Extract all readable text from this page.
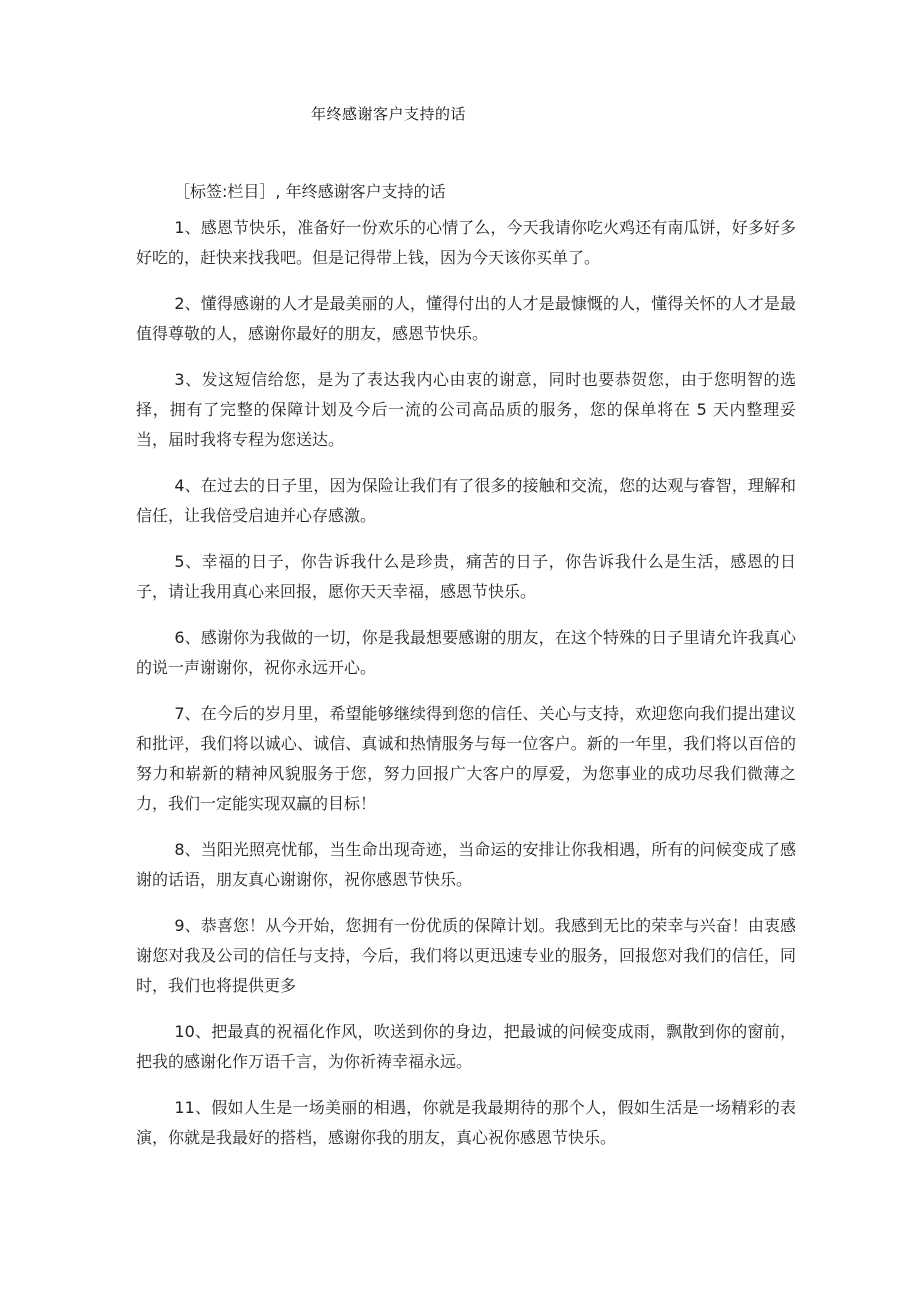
年终感谢客户支持的话
［标签:栏目］, 年终感谢客户支持的话

1、感恩节快乐，准备好一份欢乐的心情了么，今天我请你吃火鸡还有南瓜饼，好多好多好吃的，赶快来找我吧。但是记得带上钱，因为今天该你买单了。

2、懂得感谢的人才是最美丽的人，懂得付出的人才是最慷慨的人，懂得关怀的人才是最值得尊敬的人，感谢你最好的朋友，感恩节快乐。

3、发这短信给您，是为了表达我内心由衷的谢意，同时也要恭贺您，由于您明智的选择，拥有了完整的保障计划及今后一流的公司高品质的服务，您的保单将在 5 天内整理妥当，届时我将专程为您送达。

4、在过去的日子里，因为保险让我们有了很多的接触和交流，您的达观与睿智，理解和信任，让我倍受启迪并心存感激。

5、幸福的日子，你告诉我什么是珍贵，痛苦的日子，你告诉我什么是生活，感恩的日子，请让我用真心来回报，愿你天天幸福，感恩节快乐。

6、感谢你为我做的一切，你是我最想要感谢的朋友，在这个特殊的日子里请允许我真心的说一声谢谢你，祝你永远开心。

7、在今后的岁月里，希望能够继续得到您的信任、关心与支持，欢迎您向我们提出建议和批评，我们将以诚心、诚信、真诚和热情服务与每一位客户。新的一年里，我们将以百倍的努力和崭新的精神风貌服务于您，努力回报广大客户的厚爱，为您事业的成功尽我们微薄之力，我们一定能实现双赢的目标！

8、当阳光照亮忧郁，当生命出现奇迹，当命运的安排让你我相遇，所有的问候变成了感谢的话语，朋友真心谢谢你，祝你感恩节快乐。

9、恭喜您！从今开始，您拥有一份优质的保障计划。我感到无比的荣幸与兴奋！由衷感谢您对我及公司的信任与支持，今后，我们将以更迅速专业的服务，回报您对我们的信任，同时，我们也将提供更多

10、把最真的祝福化作风，吹送到你的身边，把最诚的问候变成雨，飘散到你的窗前，把我的感谢化作万语千言，为你祈祷幸福永远。

11、假如人生是一场美丽的相遇，你就是我最期待的那个人，假如生活是一场精彩的表演，你就是我最好的搭档，感谢你我的朋友，真心祝你感恩节快乐。
